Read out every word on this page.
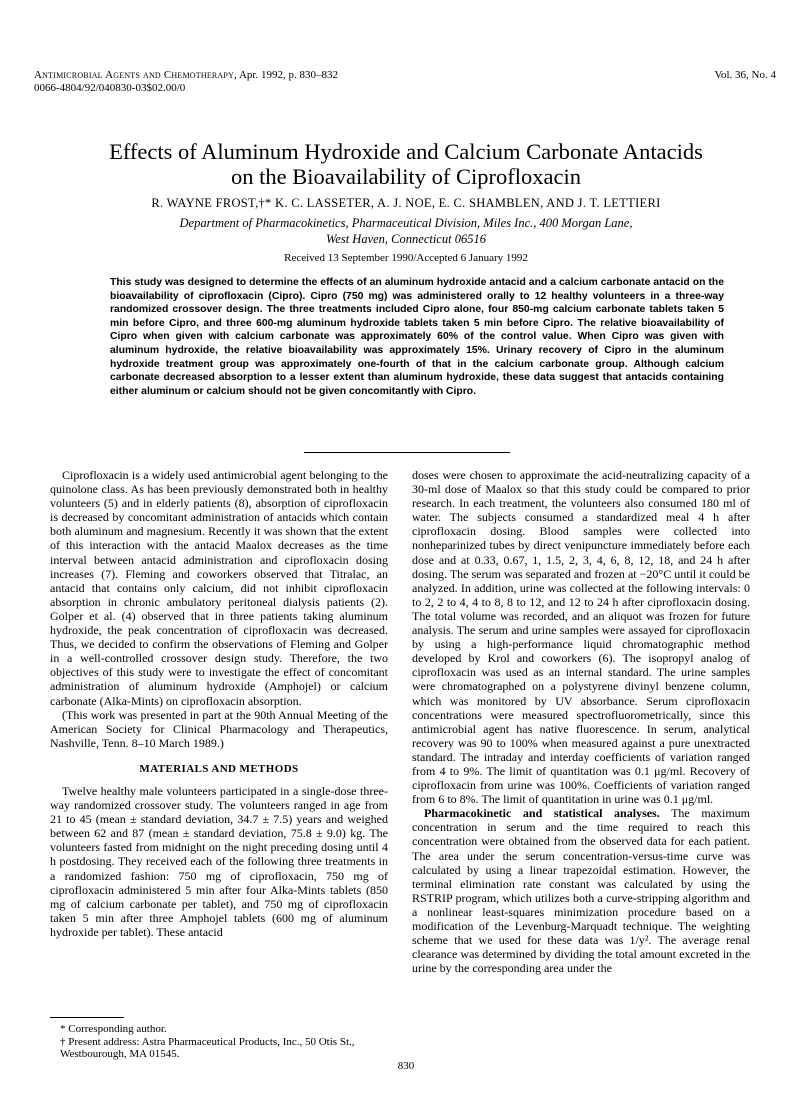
Antimicrobial Agents and Chemotherapy, Apr. 1992, p. 830–832
0066-4804/92/040830-03$02.00/0
Vol. 36, No. 4
Effects of Aluminum Hydroxide and Calcium Carbonate Antacids
on the Bioavailability of Ciprofloxacin
R. WAYNE FROST,†* K. C. LASSETER, A. J. NOE, E. C. SHAMBLEN, AND J. T. LETTIERI
Department of Pharmacokinetics, Pharmaceutical Division, Miles Inc., 400 Morgan Lane,
West Haven, Connecticut 06516
Received 13 September 1990/Accepted 6 January 1992
This study was designed to determine the effects of an aluminum hydroxide antacid and a calcium carbonate antacid on the bioavailability of ciprofloxacin (Cipro). Cipro (750 mg) was administered orally to 12 healthy volunteers in a three-way randomized crossover design. The three treatments included Cipro alone, four 850-mg calcium carbonate tablets taken 5 min before Cipro, and three 600-mg aluminum hydroxide tablets taken 5 min before Cipro. The relative bioavailability of Cipro when given with calcium carbonate was approximately 60% of the control value. When Cipro was given with aluminum hydroxide, the relative bioavailability was approximately 15%. Urinary recovery of Cipro in the aluminum hydroxide treatment group was approximately one-fourth of that in the calcium carbonate group. Although calcium carbonate decreased absorption to a lesser extent than aluminum hydroxide, these data suggest that antacids containing either aluminum or calcium should not be given concomitantly with Cipro.

Ciprofloxacin is a widely used antimicrobial agent belonging to the quinolone class. As has been previously demonstrated both in healthy volunteers (5) and in elderly patients (8), absorption of ciprofloxacin is decreased by concomitant administration of antacids which contain both aluminum and magnesium. Recently it was shown that the extent of this interaction with the antacid Maalox decreases as the time interval between antacid administration and ciprofloxacin dosing increases (7). Fleming and coworkers observed that Titralac, an antacid that contains only calcium, did not inhibit ciprofloxacin absorption in chronic ambulatory peritoneal dialysis patients (2). Golper et al. (4) observed that in three patients taking aluminum hydroxide, the peak concentration of ciprofloxacin was decreased. Thus, we decided to confirm the observations of Fleming and Golper in a well-controlled crossover design study. Therefore, the two objectives of this study were to investigate the effect of concomitant administration of aluminum hydroxide (Amphojel) or calcium carbonate (Alka-Mints) on ciprofloxacin absorption.

(This work was presented in part at the 90th Annual Meeting of the American Society for Clinical Pharmacology and Therapeutics, Nashville, Tenn. 8–10 March 1989.)

MATERIALS AND METHODS

Twelve healthy male volunteers participated in a single-dose three-way randomized crossover study. The volunteers ranged in age from 21 to 45 (mean ± standard deviation, 34.7 ± 7.5) years and weighed between 62 and 87 (mean ± standard deviation, 75.8 ± 9.0) kg. The volunteers fasted from midnight on the night preceding dosing until 4 h postdosing. They received each of the following three treatments in a randomized fashion: 750 mg of ciprofloxacin, 750 mg of ciprofloxacin administered 5 min after four Alka-Mints tablets (850 mg of calcium carbonate per tablet), and 750 mg of ciprofloxacin taken 5 min after three Amphojel tablets (600 mg of aluminum hydroxide per tablet). These antacid

doses were chosen to approximate the acid-neutralizing capacity of a 30-ml dose of Maalox so that this study could be compared to prior research. In each treatment, the volunteers also consumed 180 ml of water. The subjects consumed a standardized meal 4 h after ciprofloxacin dosing. Blood samples were collected into nonheparinized tubes by direct venipuncture immediately before each dose and at 0.33, 0.67, 1, 1.5, 2, 3, 4, 6, 8, 12, 18, and 24 h after dosing. The serum was separated and frozen at −20°C until it could be analyzed. In addition, urine was collected at the following intervals: 0 to 2, 2 to 4, 4 to 8, 8 to 12, and 12 to 24 h after ciprofloxacin dosing. The total volume was recorded, and an aliquot was frozen for future analysis. The serum and urine samples were assayed for ciprofloxacin by using a high-performance liquid chromatographic method developed by Krol and coworkers (6). The isopropyl analog of ciprofloxacin was used as an internal standard. The urine samples were chromatographed on a polystyrene divinyl benzene column, which was monitored by UV absorbance. Serum ciprofloxacin concentrations were measured spectrofluorometrically, since this antimicrobial agent has native fluorescence. In serum, analytical recovery was 90 to 100% when measured against a pure unextracted standard. The intraday and interday coefficients of variation ranged from 4 to 9%. The limit of quantitation was 0.1 μg/ml. Recovery of ciprofloxacin from urine was 100%. Coefficients of variation ranged from 6 to 8%. The limit of quantitation in urine was 0.1 μg/ml.

Pharmacokinetic and statistical analyses. The maximum concentration in serum and the time required to reach this concentration were obtained from the observed data for each patient. The area under the serum concentration-versus-time curve was calculated by using a linear trapezoidal estimation. However, the terminal elimination rate constant was calculated by using the RSTRIP program, which utilizes both a curve-stripping algorithm and a nonlinear least-squares minimization procedure based on a modification of the Levenburg-Marquadt technique. The weighting scheme that we used for these data was 1/y². The average renal clearance was determined by dividing the total amount excreted in the urine by the corresponding area under the

* Corresponding author.

† Present address: Astra Pharmaceutical Products, Inc., 50 Otis St., Westbourough, MA 01545.

830
